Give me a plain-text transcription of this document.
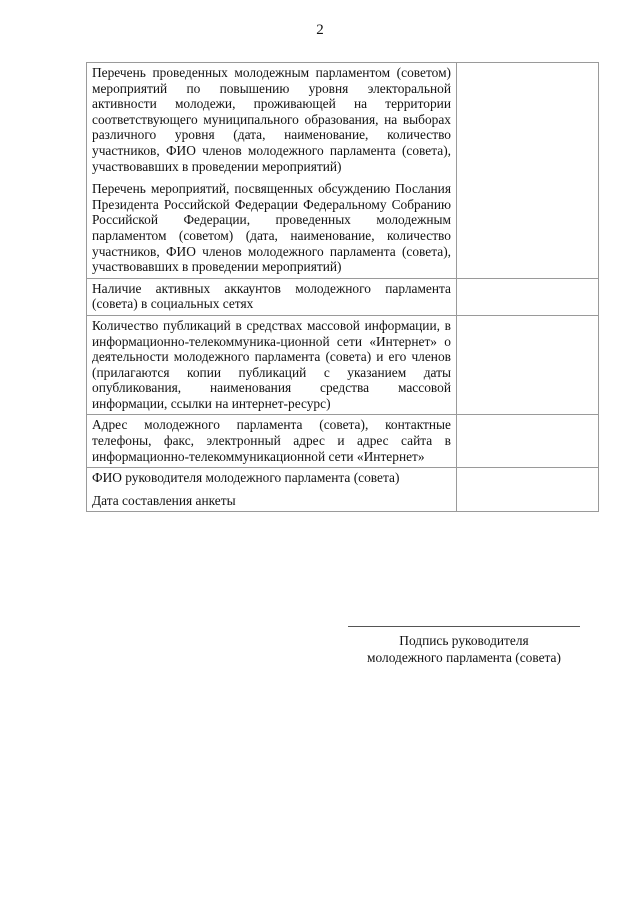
2
Перечень проведенных молодежным парламентом (советом) мероприятий по повышению уровня электоральной активности молодежи, проживающей на территории соответствующего муниципального образования, на выборах различного уровня (дата, наименование, количество участников, ФИО членов молодежного парламента (совета), участвовавших в проведении мероприятий)
Перечень мероприятий, посвященных обсуждению Послания Президента Российской Федерации Федеральному Собранию Российской Федерации, проведенных молодежным парламентом (советом) (дата, наименование, количество участников, ФИО членов молодежного парламента (совета), участвовавших в проведении мероприятий)	

Наличие активных аккаунтов молодежного парламента (совета) в социальных сетях	

Количество публикаций в средствах массовой информации, в информационно-телекоммуника-ционной сети «Интернет» о деятельности молодежного парламента (совета) и его членов (прилагаются копии публикаций с указанием даты опубликования, наименования средства массовой информации, ссылки на интернет-ресурс)	

Адрес молодежного парламента (совета), контактные телефоны, факс, электронный адрес и адрес сайта в информационно-телекоммуникационной сети «Интернет»	

ФИО руководителя молодежного парламента (совета)
Дата составления анкеты	

Подпись руководителя
молодежного парламента (совета)
